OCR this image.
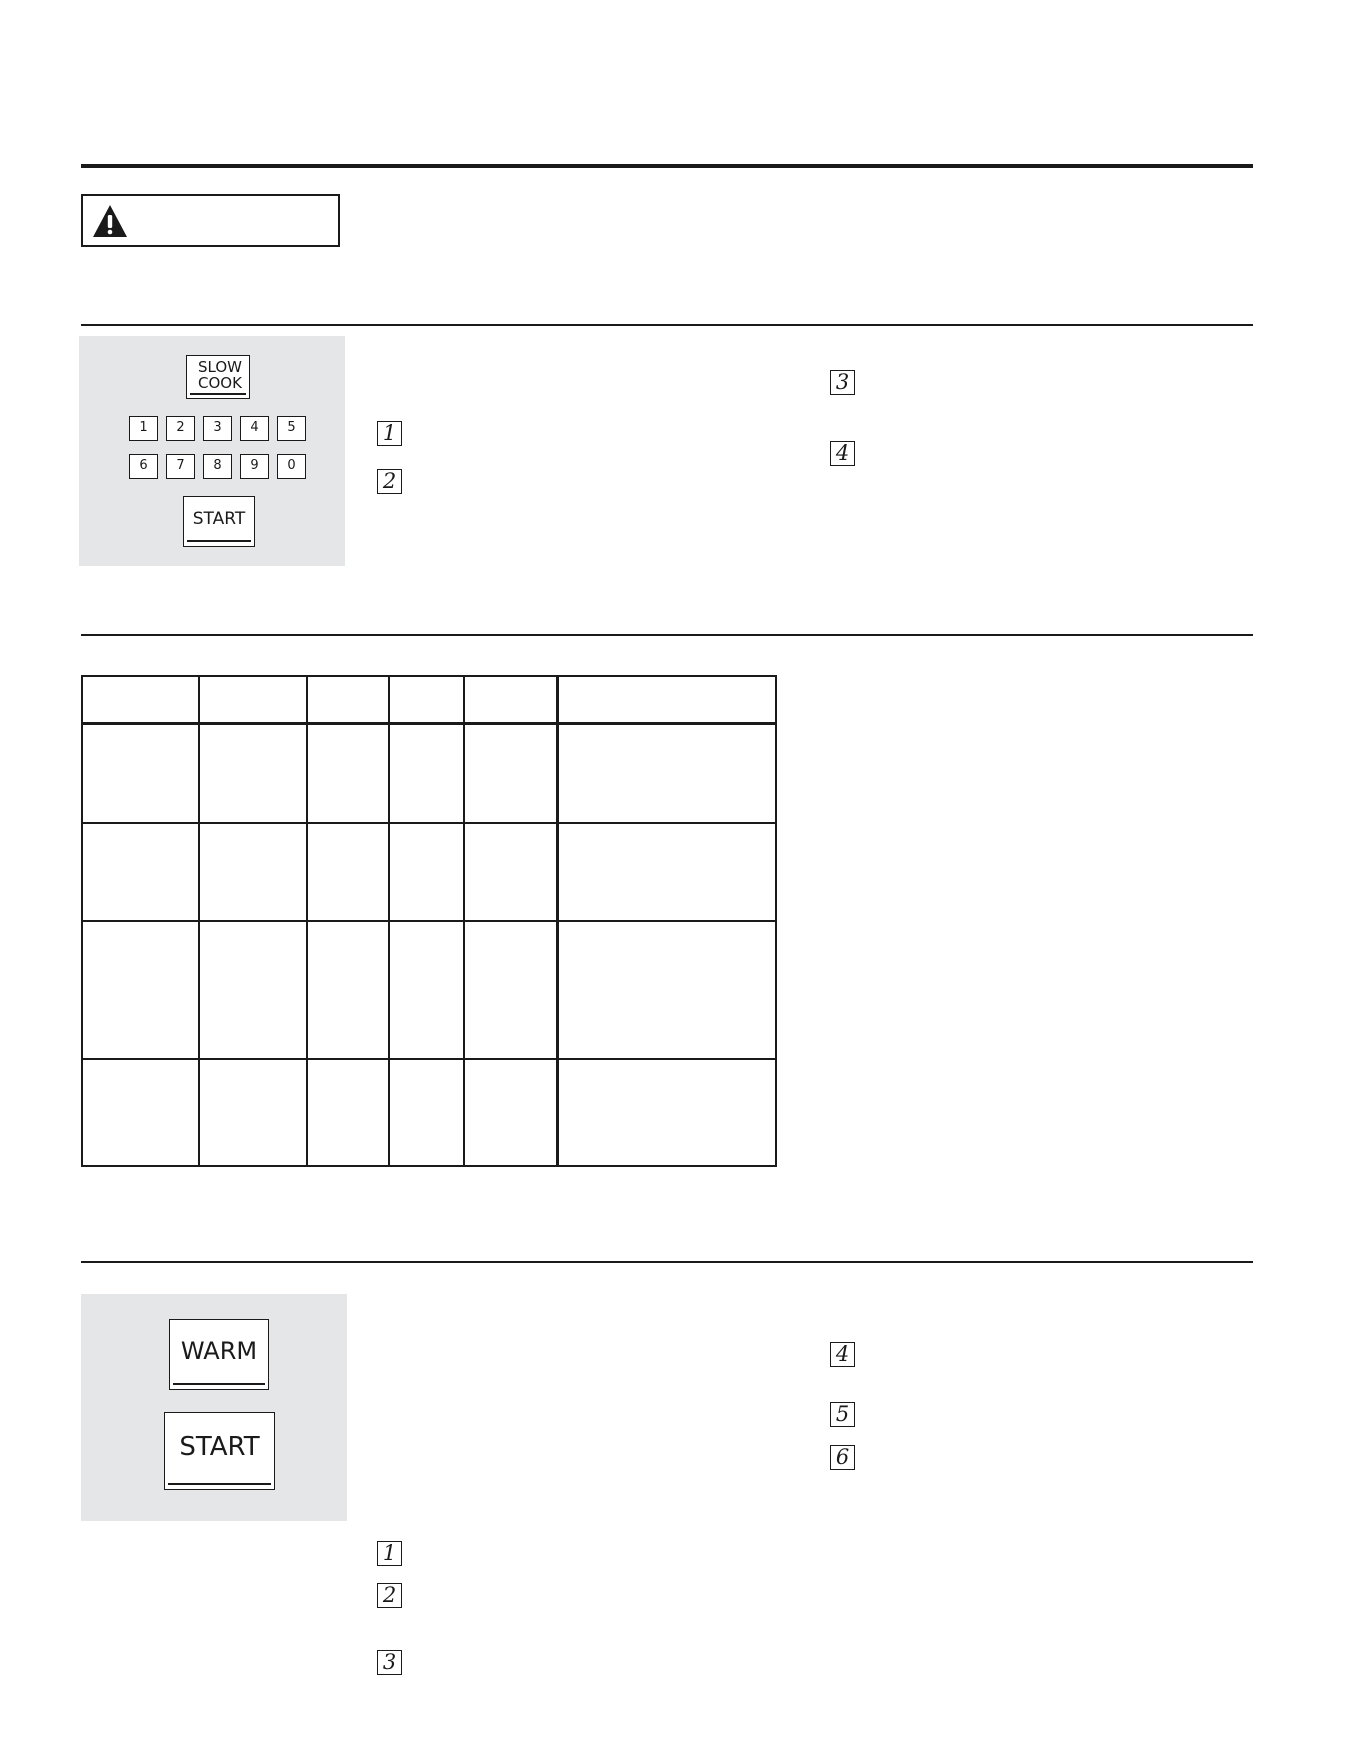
SLOW COOK
1	2	3	4	5
6	7	8	9	0
START
1
2
3
4

WARM
START
1
2
3
4
5
6
